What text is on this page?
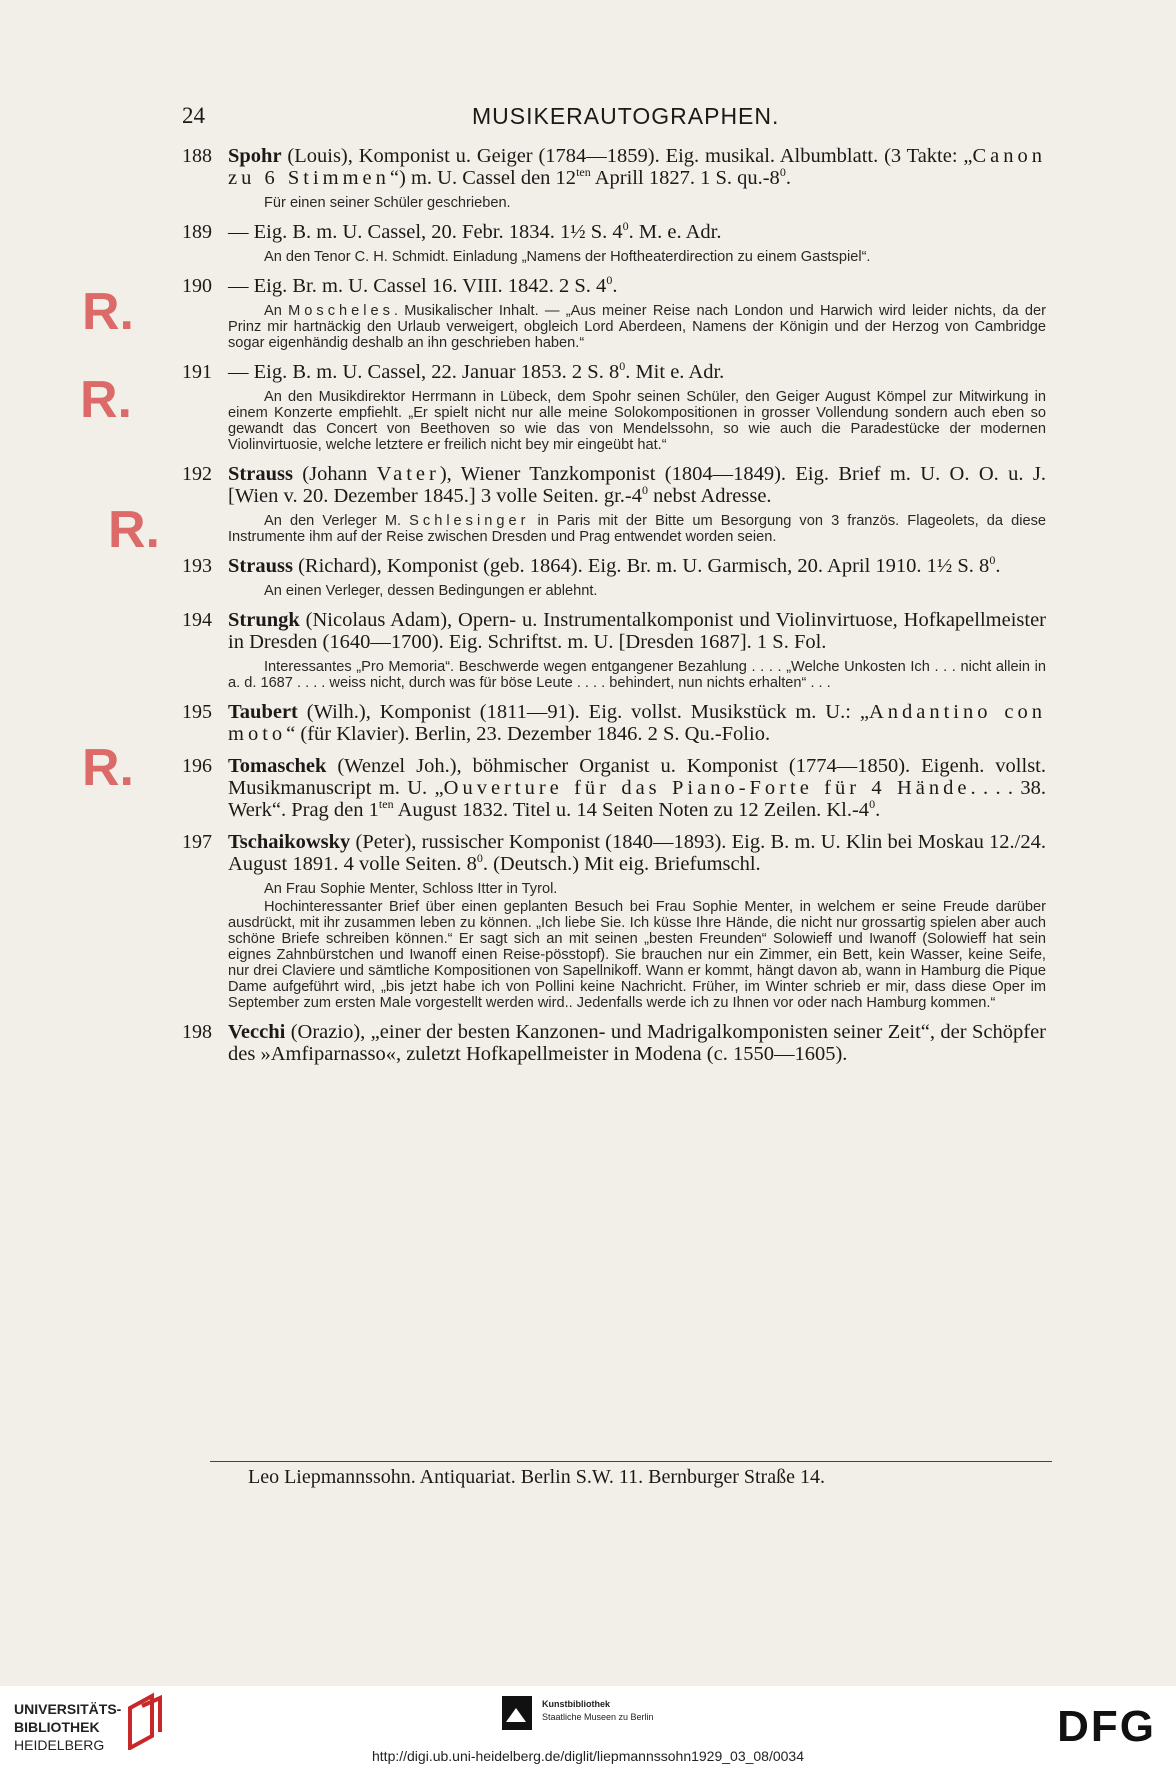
24	MUSIKERAUTOGRAPHEN.
R.
R.
R.
R.
188 Spohr (Louis), Komponist u. Geiger (1784—1859). Eig. musikal. Albumblatt. (3 Takte: „Canon zu 6 Stimmen“) m. U. Cassel den $12^{ten}$ Aprill 1827. 1 S. $qu.-8^0$.
Für einen seiner Schüler geschrieben.
189 — Eig. B. m. U. Cassel, 20. Febr. 1834. 1½ S. $4^0$. M. e. Adr.
An den Tenor C. H. Schmidt. Einladung „Namens der Hoftheaterdirection zu einem Gastspiel“.
190 — Eig. Br. m. U. Cassel 16. VIII. 1842. 2 S. $4^0$.
An Moscheles. Musikalischer Inhalt. — „Aus meiner Reise nach London und Harwich wird leider nichts, da der Prinz mir hartnäckig den Urlaub verweigert, obgleich Lord Aberdeen, Namens der Königin und der Herzog von Cambridge sogar eigenhändig deshalb an ihn geschrieben haben.“
191 — Eig. B. m. U. Cassel, 22. Januar 1853. 2 S. $8^0$. Mit e. Adr.
An den Musikdirektor Herrmann in Lübeck, dem Spohr seinen Schüler, den Geiger August Kömpel zur Mitwirkung in einem Konzerte empfiehlt. „Er spielt nicht nur alle meine Solokompositionen in grosser Vollendung sondern auch eben so gewandt das Concert von Beethoven so wie das von Mendelssohn, so wie auch die Paradestücke der modernen Violinvirtuosie, welche letztere er freilich nicht bey mir eingeübt hat.“
192 Strauss (Johann Vater), Wiener Tanzkomponist (1804—1849). Eig. Brief m. U. O. O. u. J. [Wien v. 20. Dezember 1845.] 3 volle Seiten. $gr.-4^0$ nebst Adresse.
An den Verleger M. Schlesinger in Paris mit der Bitte um Besorgung von 3 französ. Flageolets, da diese Instrumente ihm auf der Reise zwischen Dresden und Prag entwendet worden seien.
193 Strauss (Richard), Komponist (geb. 1864). Eig. Br. m. U. Garmisch, 20. April 1910. 1½ S. $8^0$.
An einen Verleger, dessen Bedingungen er ablehnt.
194 Strungk (Nicolaus Adam), Opern- u. Instrumentalkomponist und Violinvirtuose, Hofkapellmeister in Dresden (1640—1700). Eig. Schriftst. m. U. [Dresden 1687]. 1 S. Fol.
Interessantes „Pro Memoria“. Beschwerde wegen entgangener Bezahlung . . . . „Welche Unkosten Ich . . . nicht allein in a. d. 1687 . . . . weiss nicht, durch was für böse Leute . . . . behindert, nun nichts erhalten“ . . .
195 Taubert (Wilh.), Komponist (1811—91). Eig. vollst. Musikstück m. U.: „Andantino con moto“ (für Klavier). Berlin, 23. Dezember 1846. 2 S. Qu.-Folio.
196 Tomaschek (Wenzel Joh.), böhmischer Organist u. Komponist (1774—1850). Eigenh. vollst. Musikmanuscript m. U. „Ouverture für das Piano-Forte für 4 Hände. . . . 38. Werk“. Prag den $1^{ten}$ August 1832. Titel u. 14 Seiten Noten zu 12 Zeilen. $Kl.-4^0$.
197 Tschaikowsky (Peter), russischer Komponist (1840—1893). Eig. B. m. U. Klin bei Moskau 12./24. August 1891. 4 volle Seiten. $8^0$. (Deutsch.) Mit eig. Briefumschl.
An Frau Sophie Menter, Schloss Itter in Tyrol.
Hochinteressanter Brief über einen geplanten Besuch bei Frau Sophie Menter, in welchem er seine Freude darüber ausdrückt, mit ihr zusammen leben zu können. „Ich liebe Sie. Ich küsse Ihre Hände, die nicht nur grossartig spielen aber auch schöne Briefe schreiben können.“ Er sagt sich an mit seinen „besten Freunden“ Solowieff und Iwanoff (Solowieff hat sein eignes Zahnbürstchen und Iwanoff einen Reise-pösstopf). Sie brauchen nur ein Zimmer, ein Bett, kein Wasser, keine Seife, nur drei Claviere und sämtliche Kompositionen von Sapellnikoff. Wann er kommt, hängt davon ab, wann in Hamburg die Pique Dame aufgeführt wird, „bis jetzt habe ich von Pollini keine Nachricht. Früher, im Winter schrieb er mir, dass diese Oper im September zum ersten Male vorgestellt werden wird.. Jedenfalls werde ich zu Ihnen vor oder nach Hamburg kommen.“
198 Vecchi (Orazio), „einer der besten Kanzonen- und Madrigalkomponisten seiner Zeit“, der Schöpfer des »Amfiparnasso«, zuletzt Hofkapellmeister in Modena (c. 1550—1605).
Leo Liepmannssohn. Antiquariat. Berlin S.W. 11. Bernburger Straße 14.
UNIVERSITÄTS-
BIBLIOTHEK
HEIDELBERG
Kunstbibliothek
Staatliche Museen zu Berlin	DFG
http://digi.ub.uni-heidelberg.de/diglit/liepmannssohn1929_03_08/0034
